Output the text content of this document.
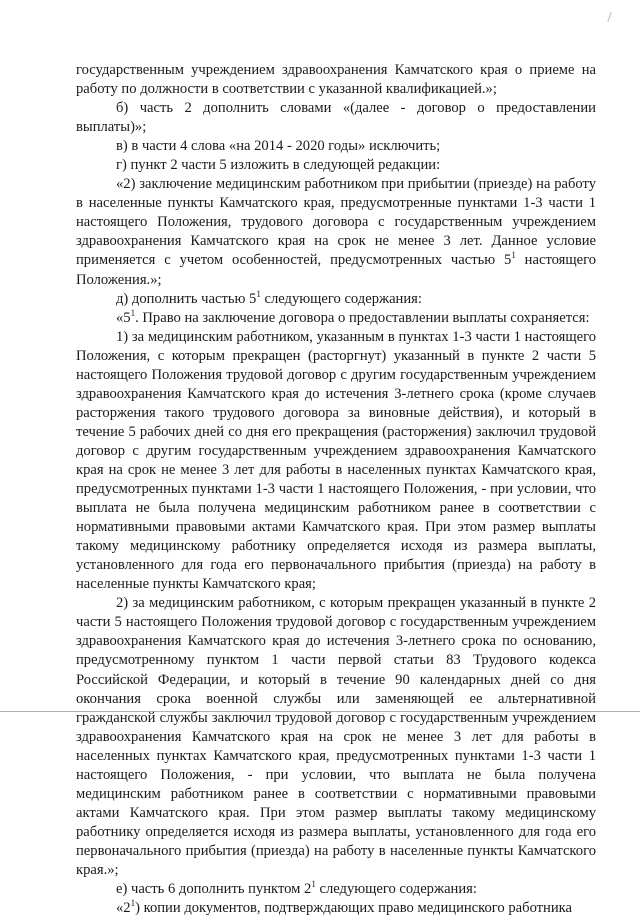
государственным учреждением здравоохранения Камчатского края о приеме на работу по должности в соответствии с указанной квалификацией.»;

б) часть 2 дополнить словами «(далее - договор о предоставлении выплаты)»;

в) в части 4 слова «на 2014 - 2020 годы» исключить;

г) пункт 2 части 5 изложить в следующей редакции:

«2) заключение медицинским работником при прибытии (приезде) на работу в населенные пункты Камчатского края, предусмотренные пунктами 1-3 части 1 настоящего Положения, трудового договора с государственным учреждением здравоохранения Камчатского края на срок не менее 3 лет. Данное условие применяется с учетом особенностей, предусмотренных частью $5^1$ настоящего Положения.»;

д) дополнить частью $5^1$ следующего содержания:

«$5^1$. Право на заключение договора о предоставлении выплаты сохраняется:

1) за медицинским работником, указанным в пунктах 1-3 части 1 настоящего Положения, с которым прекращен (расторгнут) указанный в пункте 2 части 5 настоящего Положения трудовой договор с другим государственным учреждением здравоохранения Камчатского края до истечения 3-летнего срока (кроме случаев расторжения такого трудового договора за виновные действия), и который в течение 5 рабочих дней со дня его прекращения (расторжения) заключил трудовой договор с другим государственным учреждением здравоохранения Камчатского края на срок не менее 3 лет для работы в населенных пунктах Камчатского края, предусмотренных пунктами 1-3 части 1 настоящего Положения, - при условии, что выплата не была получена медицинским работником ранее в соответствии с нормативными правовыми актами Камчатского края. При этом размер выплаты такому медицинскому работнику определяется исходя из размера выплаты, установленного для года его первоначального прибытия (приезда) на работу в населенные пункты Камчатского края;

2) за медицинским работником, с которым прекращен указанный в пункте 2 части 5 настоящего Положения трудовой договор с государственным учреждением здравоохранения Камчатского края до истечения 3-летнего срока по основанию, предусмотренному пунктом 1 части первой статьи 83 Трудового кодекса Российской Федерации, и который в течение 90 календарных дней со дня окончания срока военной службы или заменяющей ее альтернативной гражданской службы заключил трудовой договор с государственным учреждением здравоохранения Камчатского края на срок не менее 3 лет для работы в населенных пунктах Камчатского края, предусмотренных пунктами 1-3 части 1 настоящего Положения, - при условии, что выплата не была получена медицинским работником ранее в соответствии с нормативными правовыми актами Камчатского края. При этом размер выплаты такому медицинскому работнику определяется исходя из размера выплаты, установленного для года его первоначального прибытия (приезда) на работу в населенные пункты Камчатского края.»;

е) часть 6 дополнить пунктом $2^1$ следующего содержания:

«$2^1$) копии документов, подтверждающих право медицинского работника
